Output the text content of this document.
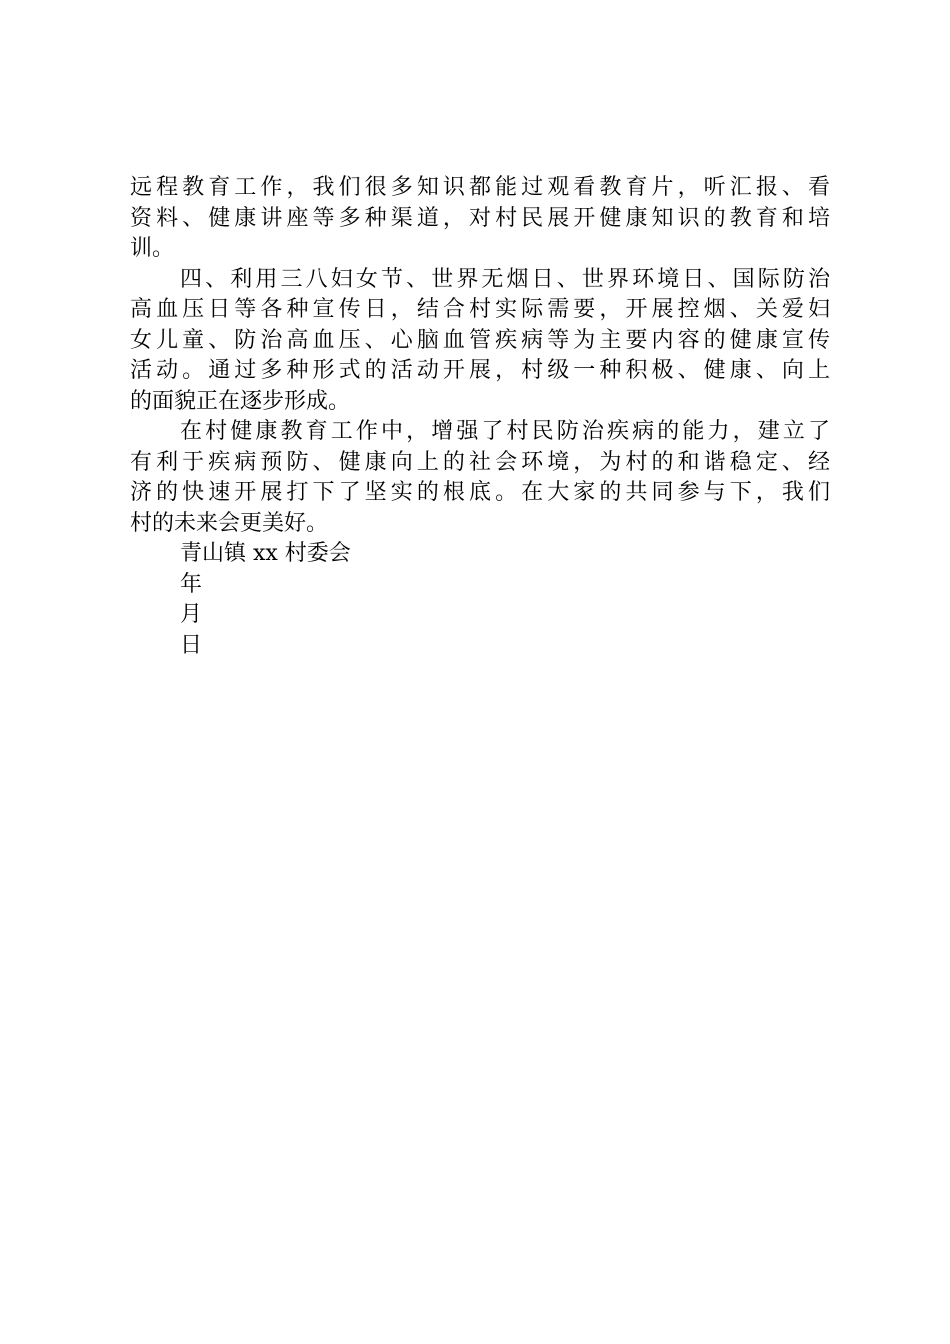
远程教育工作，我们很多知识都能过观看教育片，听汇报、看
资料、健康讲座等多种渠道，对村民展开健康知识的教育和培
训。
四、利用三八妇女节、世界无烟日、世界环境日、国际防治
高血压日等各种宣传日，结合村实际需要，开展控烟、关爱妇
女儿童、防治高血压、心脑血管疾病等为主要内容的健康宣传
活动。通过多种形式的活动开展，村级一种积极、健康、向上
的面貌正在逐步形成。
在村健康教育工作中，增强了村民防治疾病的能力，建立了
有利于疾病预防、健康向上的社会环境，为村的和谐稳定、经
济的快速开展打下了坚实的根底。在大家的共同参与下，我们
村的未来会更美好。
青山镇 xx 村委会
年
月
日
